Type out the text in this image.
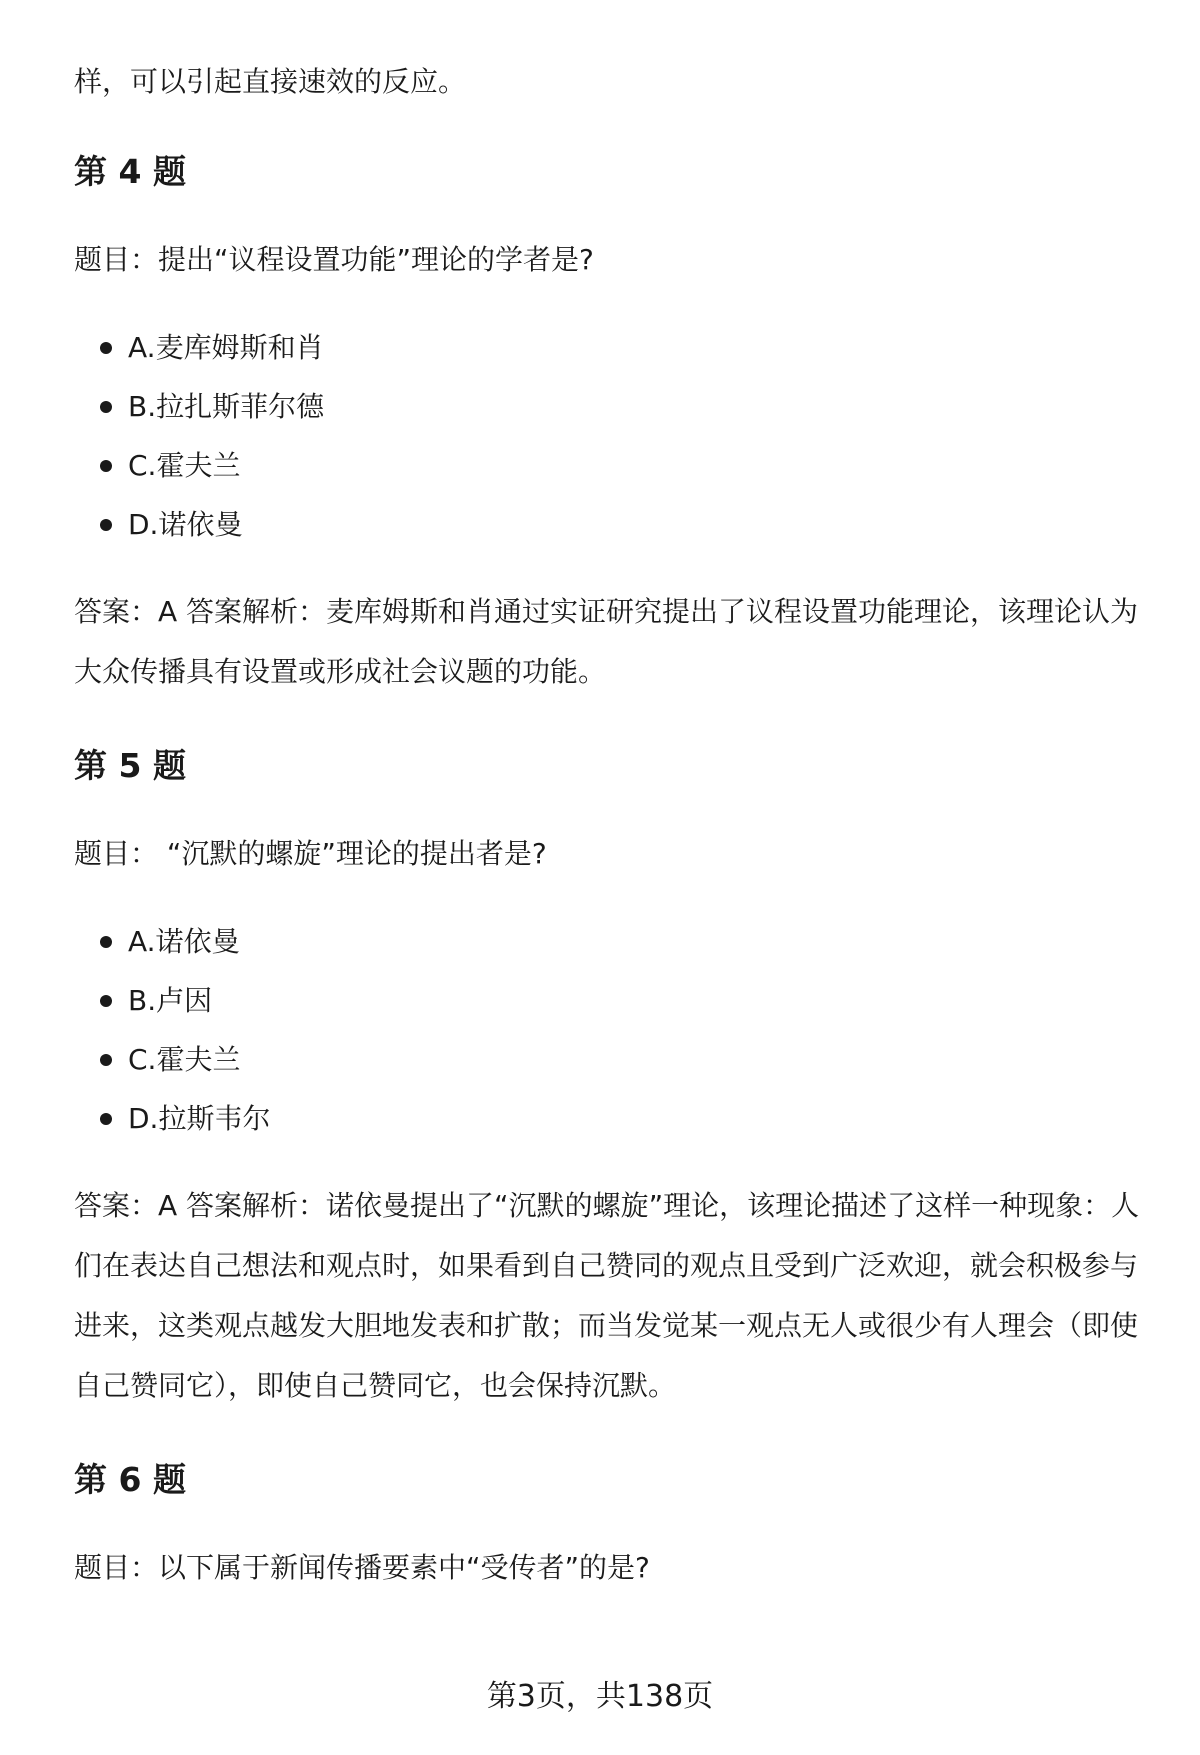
样，可以引起直接速效的反应。

第 4 题

题目：提出“议程设置功能”理论的学者是?

A.麦库姆斯和肖
B.拉扎斯菲尔德
C.霍夫兰
D.诺依曼

答案：A 答案解析：麦库姆斯和肖通过实证研究提出了议程设置功能理论，该理论认为大众传播具有设置或形成社会议题的功能。

第 5 题

题目： “沉默的螺旋”理论的提出者是?

A.诺依曼
B.卢因
C.霍夫兰
D.拉斯韦尔

答案：A 答案解析：诺依曼提出了“沉默的螺旋”理论，该理论描述了这样一种现象：人们在表达自己想法和观点时，如果看到自己赞同的观点且受到广泛欢迎，就会积极参与进来，这类观点越发大胆地发表和扩散；而当发觉某一观点无人或很少有人理会（即使自己赞同它），即使自己赞同它，也会保持沉默。

第 6 题

题目：以下属于新闻传播要素中“受传者”的是?

第3页，共138页
